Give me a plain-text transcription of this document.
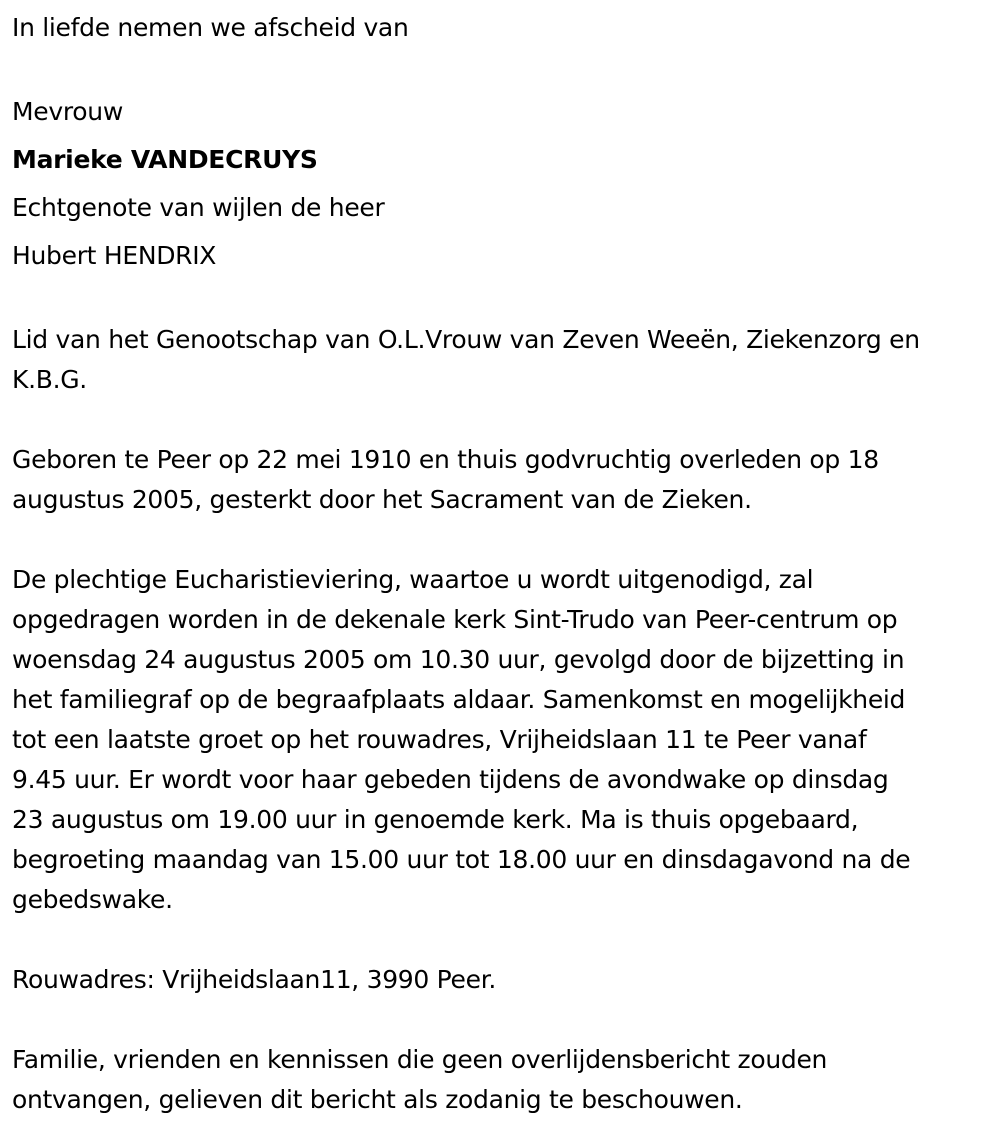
In liefde nemen we afscheid van

Mevrouw

Marieke VANDECRUYS

Echtgenote van wijlen de heer

Hubert HENDRIX

Lid van het Genootschap van O.L.Vrouw van Zeven Weeën, Ziekenzorg en

K.B.G.

Geboren te Peer op 22 mei 1910 en thuis godvruchtig overleden op 18

augustus 2005, gesterkt door het Sacrament van de Zieken.

De plechtige Eucharistieviering, waartoe u wordt uitgenodigd, zal

opgedragen worden in de dekenale kerk Sint-Trudo van Peer-centrum op

woensdag 24 augustus 2005 om 10.30 uur, gevolgd door de bijzetting in

het familiegraf op de begraafplaats aldaar. Samenkomst en mogelijkheid

tot een laatste groet op het rouwadres, Vrijheidslaan 11 te Peer vanaf

9.45 uur. Er wordt voor haar gebeden tijdens de avondwake op dinsdag

23 augustus om 19.00 uur in genoemde kerk. Ma is thuis opgebaard,

begroeting maandag van 15.00 uur tot 18.00 uur en dinsdagavond na de

gebedswake.

Rouwadres: Vrijheidslaan11, 3990 Peer.

Familie, vrienden en kennissen die geen overlijdensbericht zouden

ontvangen, gelieven dit bericht als zodanig te beschouwen.
